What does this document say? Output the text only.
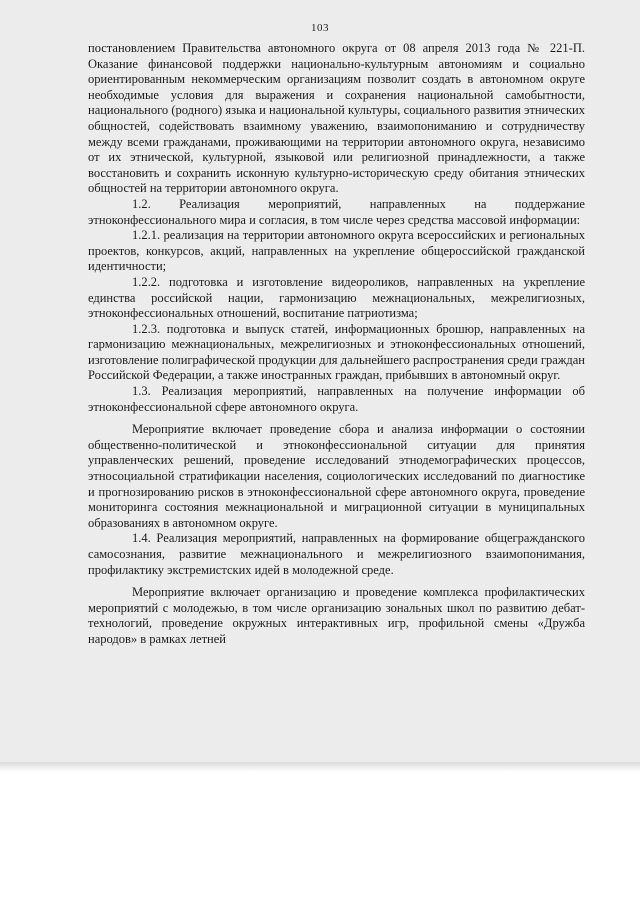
103

постановлением Правительства автономного округа от 08 апреля 2013 года № 221-П. Оказание финансовой поддержки национально-культурным автономиям и социально ориентированным некоммерческим организациям позволит создать в автономном округе необходимые условия для выражения и сохранения национальной самобытности, национального (родного) языка и национальной культуры, социального развития этнических общностей, содействовать взаимному уважению, взаимопониманию и сотрудничеству между всеми гражданами, проживающими на территории автономного округа, независимо от их этнической, культурной, языковой или религиозной принадлежности, а также восстановить и сохранить исконную культурно-историческую среду обитания этнических общностей на территории автономного округа.

1.2. Реализация мероприятий, направленных на поддержание этноконфессионального мира и согласия, в том числе через средства массовой информации:

1.2.1. реализация на территории автономного округа всероссийских и региональных проектов, конкурсов, акций, направленных на укрепление общероссийской гражданской идентичности;

1.2.2. подготовка и изготовление видеороликов, направленных на укрепление единства российской нации, гармонизацию межнациональных, межрелигиозных, этноконфессиональных отношений, воспитание патриотизма;

1.2.3. подготовка и выпуск статей, информационных брошюр, направленных на гармонизацию межнациональных, межрелигиозных и этноконфессиональных отношений, изготовление полиграфической продукции для дальнейшего распространения среди граждан Российской Федерации, а также иностранных граждан, прибывших в автономный округ.

1.3. Реализация мероприятий, направленных на получение информации об этноконфессиональной сфере автономного округа.

Мероприятие включает проведение сбора и анализа информации о состоянии общественно-политической и этноконфессиональной ситуации для принятия управленческих решений, проведение исследований этнодемографических процессов, этносоциальной стратификации населения, социологических исследований по диагностике и прогнозированию рисков в этноконфессиональной сфере автономного округа, проведение мониторинга состояния межнациональной и миграционной ситуации в муниципальных образованиях в автономном округе.

1.4. Реализация мероприятий, направленных на формирование общегражданского самосознания, развитие межнационального и межрелигиозного взаимопонимания, профилактику экстремистских идей в молодежной среде.

Мероприятие включает организацию и проведение комплекса профилактических мероприятий с молодежью, в том числе организацию зональных школ по развитию дебат-технологий, проведение окружных интерактивных игр, профильной смены «Дружба народов» в рамках летней
